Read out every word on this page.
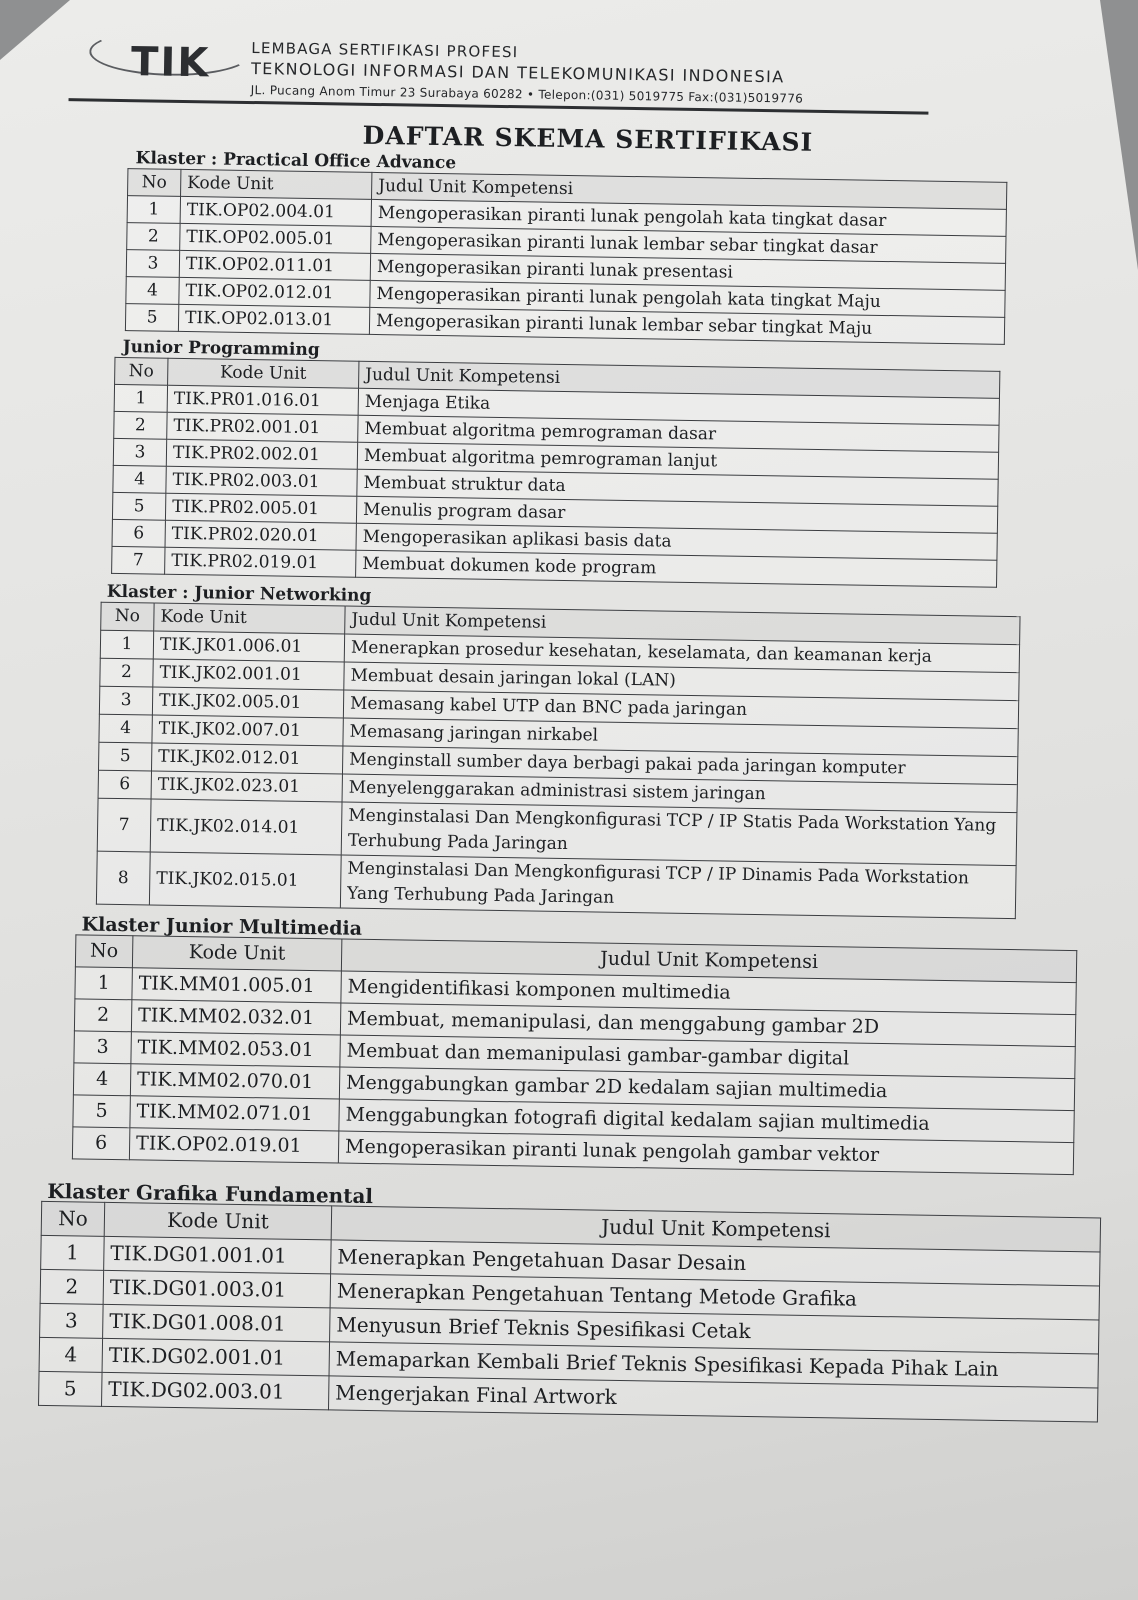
TIK	LEMBAGA SERTIFIKASI PROFESI
TEKNOLOGI INFORMASI DAN TELEKOMUNIKASI INDONESIA
JL. Pucang Anom Timur 23 Surabaya 60282 • Telepon:(031) 5019775 Fax:(031)5019776
DAFTAR SKEMA SERTIFIKASI
Klaster : Practical Office Advance
No	Kode Unit	Judul Unit Kompetensi
1	TIK.OP02.004.01	Mengoperasikan piranti lunak pengolah kata tingkat dasar
2	TIK.OP02.005.01	Mengoperasikan piranti lunak lembar sebar tingkat dasar
3	TIK.OP02.011.01	Mengoperasikan piranti lunak presentasi
4	TIK.OP02.012.01	Mengoperasikan piranti lunak pengolah kata tingkat Maju
5	TIK.OP02.013.01	Mengoperasikan piranti lunak lembar sebar tingkat Maju
Junior Programming
No	Kode Unit	Judul Unit Kompetensi
1	TIK.PR01.016.01	Menjaga Etika
2	TIK.PR02.001.01	Membuat algoritma pemrograman dasar
3	TIK.PR02.002.01	Membuat algoritma pemrograman lanjut
4	TIK.PR02.003.01	Membuat struktur data
5	TIK.PR02.005.01	Menulis program dasar
6	TIK.PR02.020.01	Mengoperasikan aplikasi basis data
7	TIK.PR02.019.01	Membuat dokumen kode program
Klaster : Junior Networking
No	Kode Unit	Judul Unit Kompetensi
1	TIK.JK01.006.01	Menerapkan prosedur kesehatan, keselamata, dan keamanan kerja
2	TIK.JK02.001.01	Membuat desain jaringan lokal (LAN)
3	TIK.JK02.005.01	Memasang kabel UTP dan BNC pada jaringan
4	TIK.JK02.007.01	Memasang jaringan nirkabel
5	TIK.JK02.012.01	Menginstall sumber daya berbagi pakai pada jaringan komputer
6	TIK.JK02.023.01	Menyelenggarakan administrasi sistem jaringan
7	TIK.JK02.014.01	Menginstalasi Dan Mengkonfigurasi TCP / IP Statis Pada Workstation Yang Terhubung Pada Jaringan
8	TIK.JK02.015.01	Menginstalasi Dan Mengkonfigurasi TCP / IP Dinamis Pada Workstation Yang Terhubung Pada Jaringan
Klaster Junior Multimedia
No	Kode Unit	Judul Unit Kompetensi
1	TIK.MM01.005.01	Mengidentifikasi komponen multimedia
2	TIK.MM02.032.01	Membuat, memanipulasi, dan menggabung gambar 2D
3	TIK.MM02.053.01	Membuat dan memanipulasi gambar-gambar digital
4	TIK.MM02.070.01	Menggabungkan gambar 2D kedalam sajian multimedia
5	TIK.MM02.071.01	Menggabungkan fotografi digital kedalam sajian multimedia
6	TIK.OP02.019.01	Mengoperasikan piranti lunak pengolah gambar vektor
Klaster Grafika Fundamental
No	Kode Unit	Judul Unit Kompetensi
1	TIK.DG01.001.01	Menerapkan Pengetahuan Dasar Desain
2	TIK.DG01.003.01	Menerapkan Pengetahuan Tentang Metode Grafika
3	TIK.DG01.008.01	Menyusun Brief Teknis Spesifikasi Cetak
4	TIK.DG02.001.01	Memaparkan Kembali Brief Teknis Spesifikasi Kepada Pihak Lain
5	TIK.DG02.003.01	Mengerjakan Final Artwork
